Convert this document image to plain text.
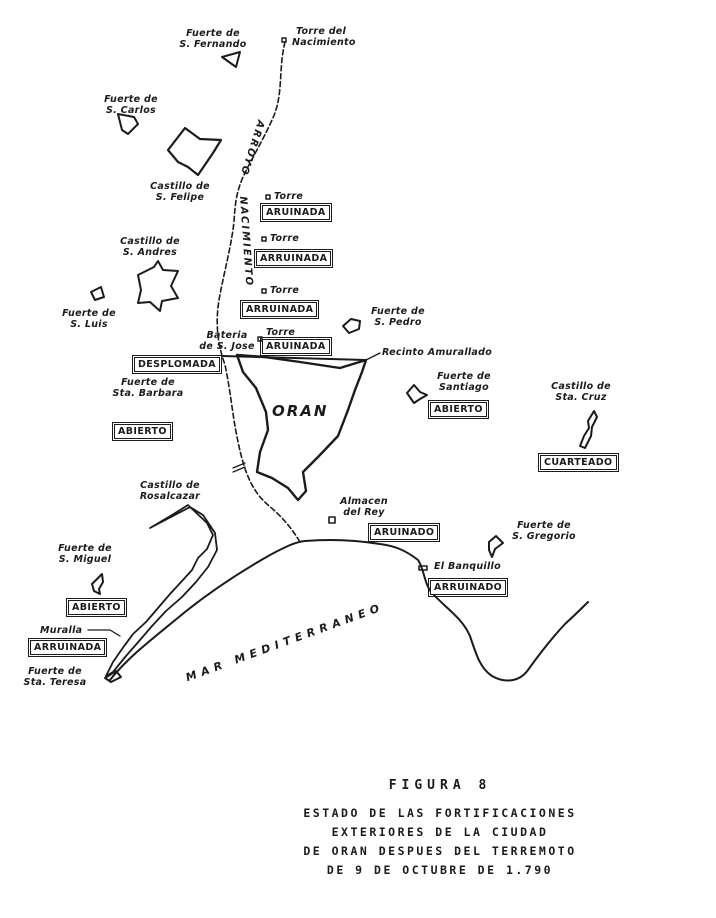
Fuerte de
S. Fernando
Torre del
Nacimiento
Fuerte de
S. Carlos
Castillo de
S. Felipe
Castillo de
S. Andres
Fuerte de
S. Luis
Torre
ARUINADA
Torre
ARRUINADA
Torre
ARRUINADA	Fuerte de
S. Pedro
Bateria
de S. Jose
Torre
ARUINADA
DESPLOMADA
Recinto Amurallado
Fuerte de
Santiago
ABIERTO
Castillo de
Sta. Cruz
CUARTEADO
Fuerte de
Sta. Barbara
ABIERTO
ORAN
Castillo de
Rosalcazar	Almacen
del Rey
ARUINADO
Fuerte de
S. Gregorio
El Banquillo
ARRUINADO
Fuerte de
S. Miguel
ABIERTO
Muralla
ARRUINADA
Fuerte de
Sta. Teresa
ARROYO
NACIMIENTO
MAR MEDITERRANEO
FIGURA 8
ESTADO DE LAS FORTIFICACIONES
EXTERIORES DE LA CIUDAD
DE ORAN DESPUES DEL TERREMOTO
DE 9 DE OCTUBRE DE 1.790
